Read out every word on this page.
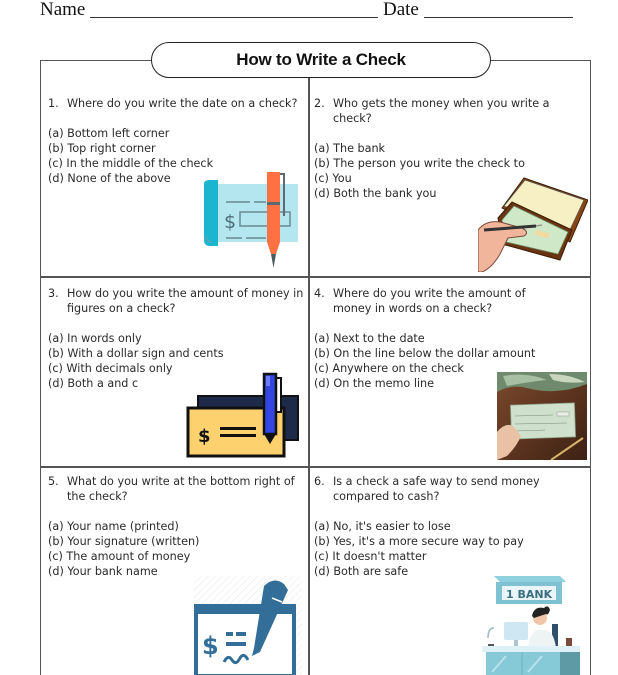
Name	Date
How to Write a Check
1. Where do you write the date on a check?
(a) Bottom left corner
(b) Top right corner
(c) In the middle of the check
(d) None of the above
2. Who gets the money when you write a check?
(a) The bank
(b) The person you write the check to
(c) You
(d) Both the bank you
3. How do you write the amount of money in figures on a check?
(a) In words only
(b) With a dollar sign and cents
(c) With decimals only
(d) Both a and c
4. Where do you write the amount of money in words on a check?
(a) Next to the date
(b) On the line below the dollar amount
(c) Anywhere on the check
(d) On the memo line
5. What do you write at the bottom right of the check?
(a) Your name (printed)
(b) Your signature (written)
(c) The amount of money
(d) Your bank name
6. Is a check a safe way to send money compared to cash?
(a) No, it's easier to lose
(b) Yes, it's a more secure way to pay
(c) It doesn't matter
(d) Both are safe
$
$
$
1 BANK
